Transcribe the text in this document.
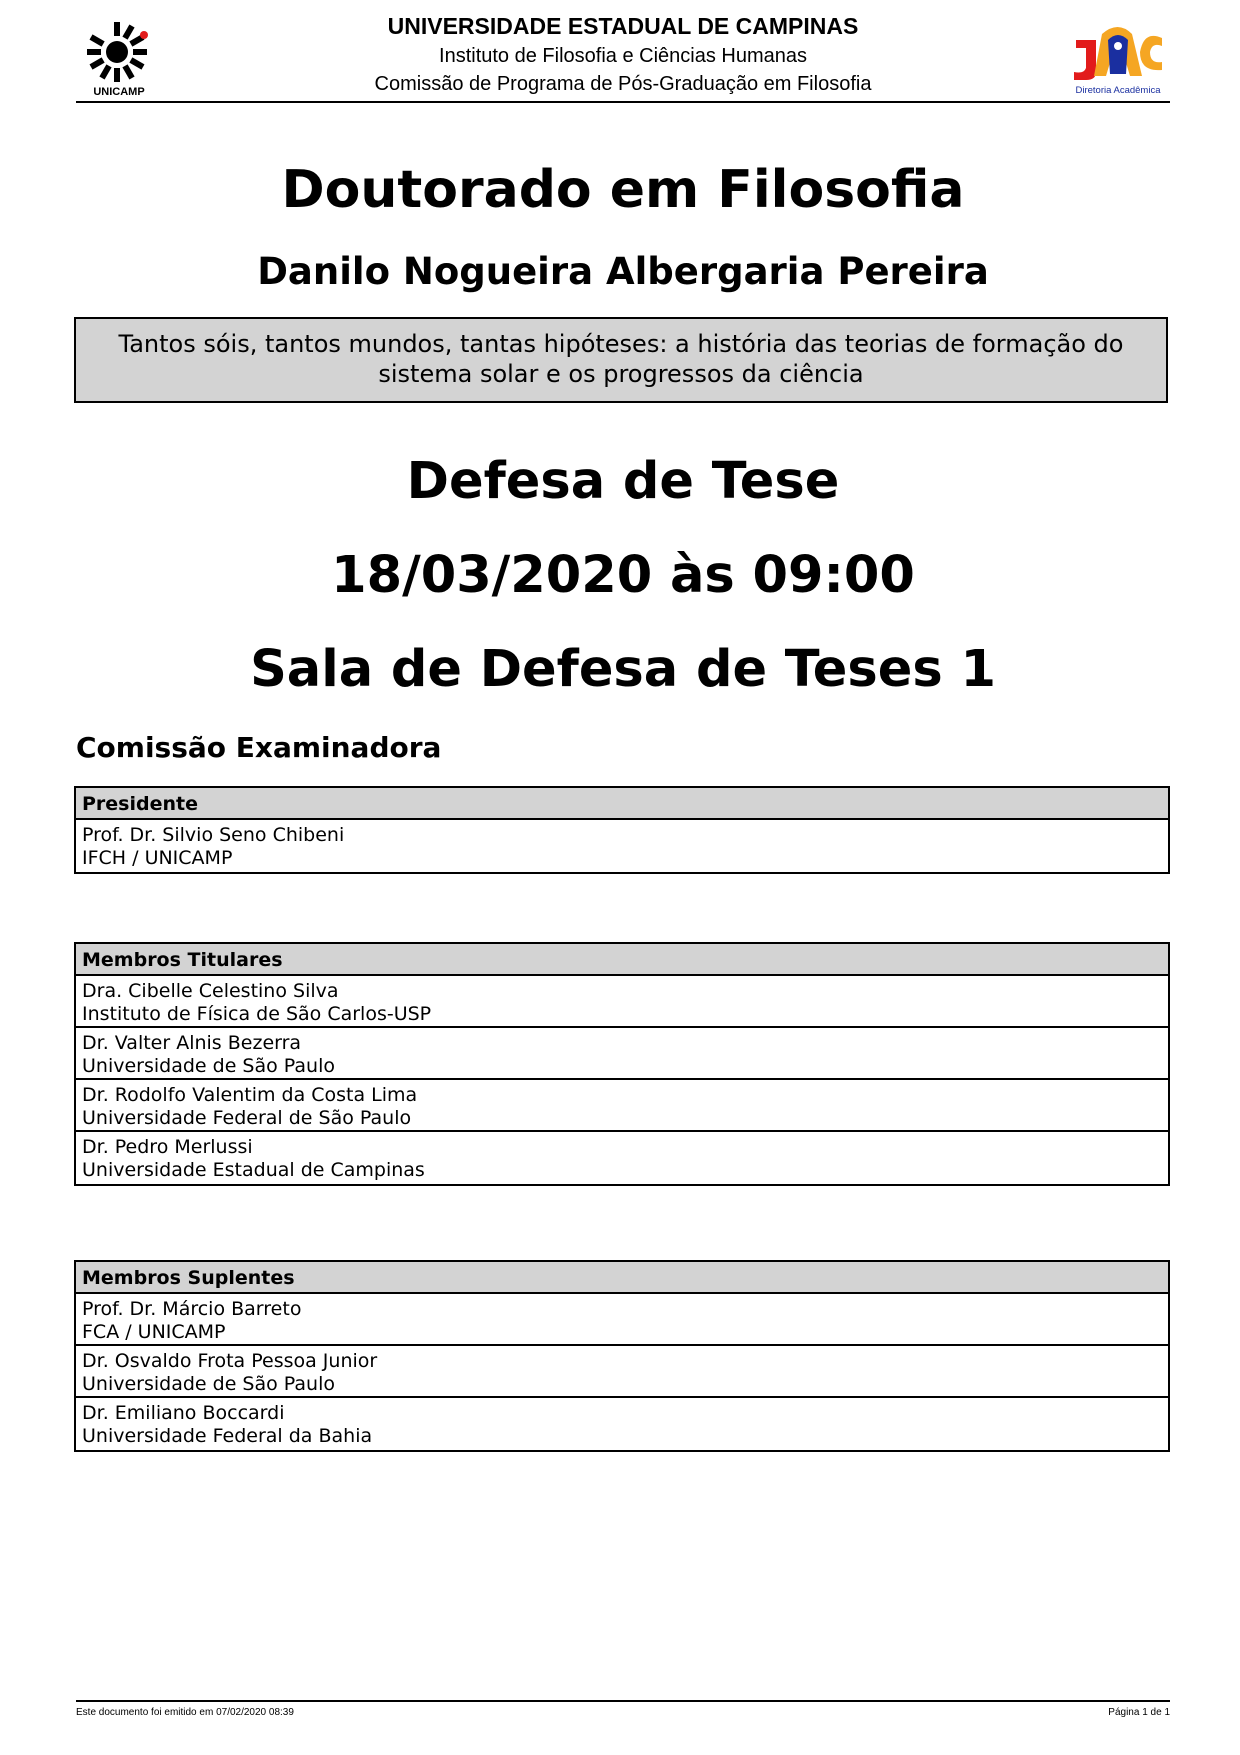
UNICAMP
UNIVERSIDADE ESTADUAL DE CAMPINAS
Instituto de Filosofia e Ciências Humanas
Comissão de Programa de Pós-Graduação em Filosofia	Diretoria Acadêmica
Doutorado em Filosofia
Danilo Nogueira Albergaria Pereira
Tantos sóis, tantos mundos, tantas hipóteses: a história das teorias de formação do
sistema solar e os progressos da ciência
Defesa de Tese
18/03/2020 às 09:00
Sala de Defesa de Teses 1
Comissão Examinadora
Presidente
Prof. Dr. Silvio Seno Chibeni
IFCH / UNICAMP
Membros Titulares
Dra. Cibelle Celestino Silva
Instituto de Física de São Carlos-USP
Dr. Valter Alnis Bezerra
Universidade de São Paulo
Dr. Rodolfo Valentim da Costa Lima
Universidade Federal de São Paulo
Dr. Pedro Merlussi
Universidade Estadual de Campinas
Membros Suplentes
Prof. Dr. Márcio Barreto
FCA / UNICAMP
Dr. Osvaldo Frota Pessoa Junior
Universidade de São Paulo
Dr. Emiliano Boccardi
Universidade Federal da Bahia
Este documento foi emitido em 07/02/2020 08:39	Página 1 de 1
